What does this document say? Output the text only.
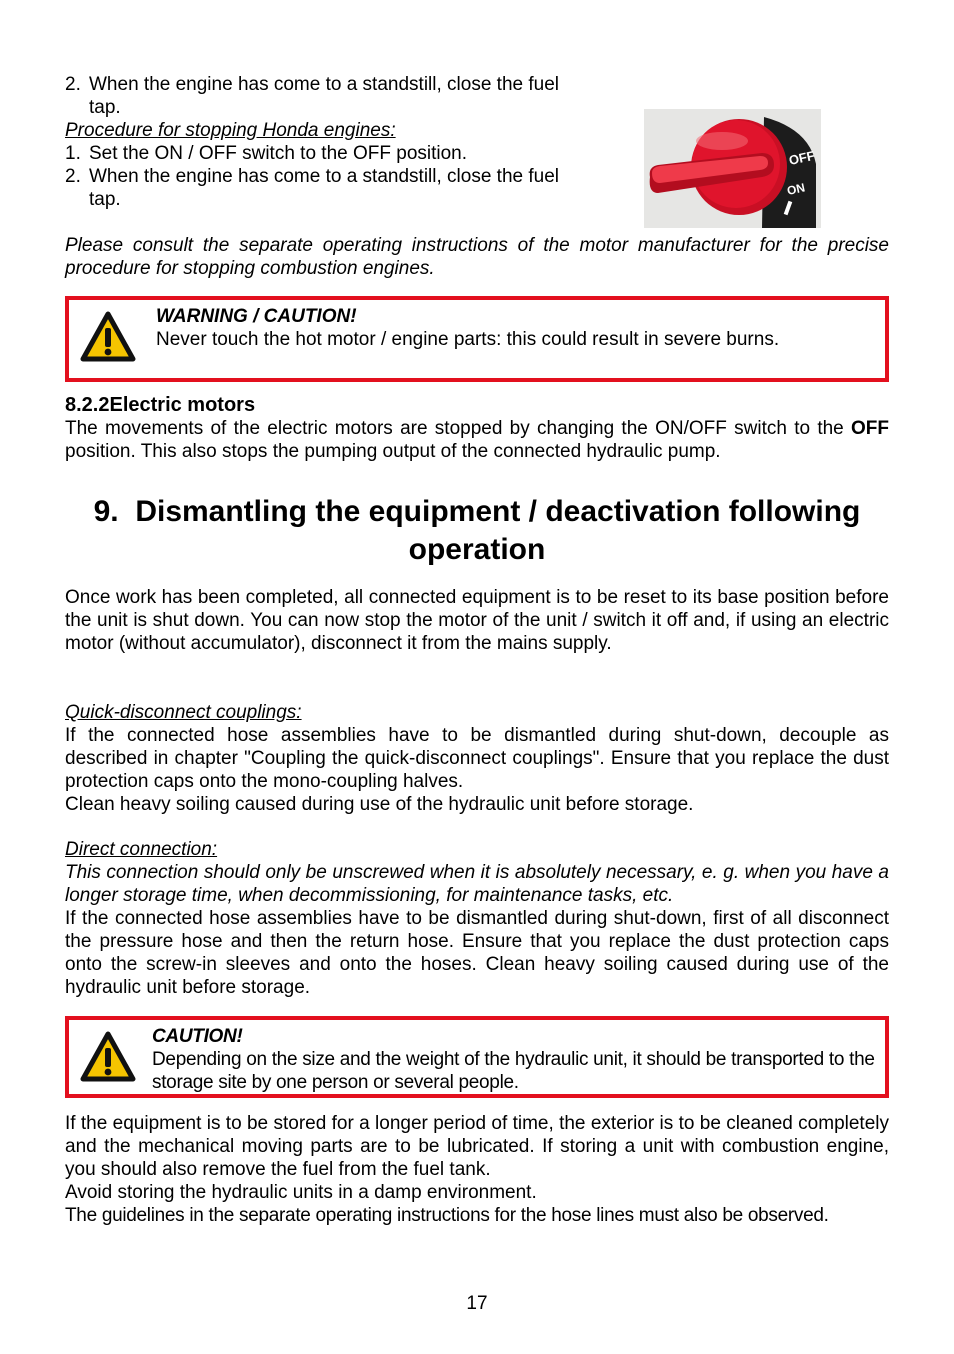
2. When the engine has come to a standstill, close the fuel tap.
Procedure for stopping Honda engines:
1. Set the ON / OFF switch to the OFF position.
2. When the engine has come to a standstill, close the fuel tap.
OFF
ON
Please consult the separate operating instructions of the motor manufacturer for the precise procedure for stopping combustion engines.
WARNING / CAUTION!
Never touch the hot motor / engine parts: this could result in severe burns.
8.2.2Electric motors
The movements of the electric motors are stopped by changing the ON/OFF switch to the OFF position. This also stops the pumping output of the connected hydraulic pump.
9.  Dismantling the equipment / deactivation following
operation
Once work has been completed, all connected equipment is to be reset to its base position before the unit is shut down. You can now stop the motor of the unit / switch it off and, if using an electric motor (without accumulator), disconnect it from the mains supply.
Quick-disconnect couplings:
If the connected hose assemblies have to be dismantled during shut-down, decouple as described in chapter "Coupling the quick-disconnect couplings". Ensure that you replace the dust protection caps onto the mono-coupling halves.
Clean heavy soiling caused during use of the hydraulic unit before storage.
Direct connection:
This connection should only be unscrewed when it is absolutely necessary, e. g. when you have a longer storage time, when decommissioning, for maintenance tasks, etc.
If the connected hose assemblies have to be dismantled during shut-down, first of all disconnect the pressure hose and then the return hose. Ensure that you replace the dust protection caps onto the screw-in sleeves and onto the hoses. Clean heavy soiling caused during use of the hydraulic unit before storage.
CAUTION!
Depending on the size and the weight of the hydraulic unit, it should be transported to the storage site by one person or several people.
If the equipment is to be stored for a longer period of time, the exterior is to be cleaned completely and the mechanical moving parts are to be lubricated. If storing a unit with combustion engine, you should also remove the fuel from the fuel tank.
Avoid storing the hydraulic units in a damp environment.
The guidelines in the separate operating instructions for the hose lines must also be observed.
17
